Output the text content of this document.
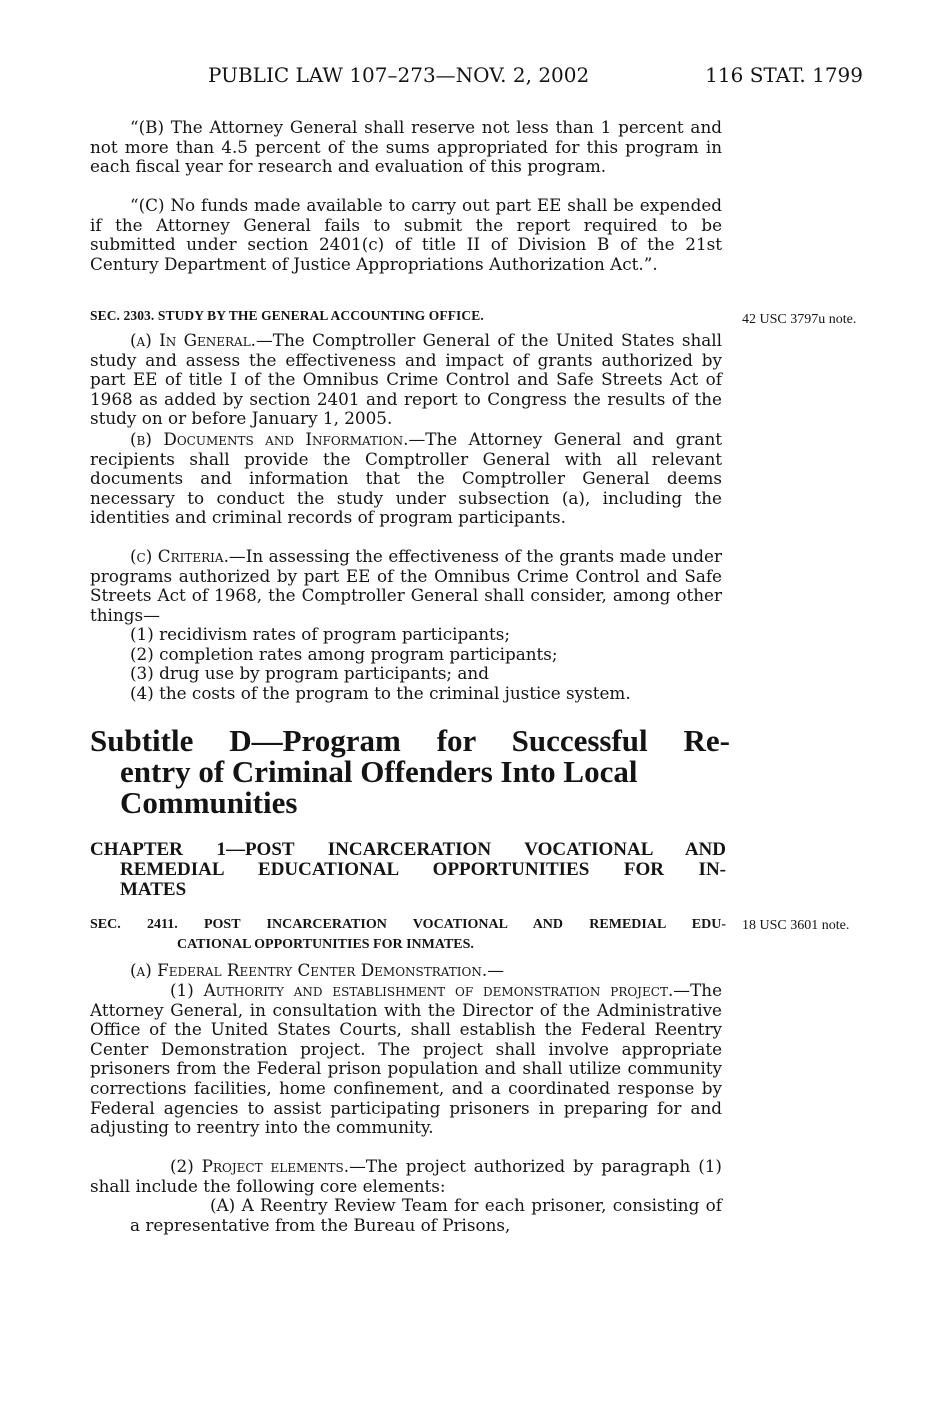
PUBLIC LAW 107–273—NOV. 2, 2002	116 STAT. 1799
“(B) The Attorney General shall reserve not less than 1 percent and not more than 4.5 percent of the sums appropriated for this program in each fiscal year for research and evaluation of this program.
“(C) No funds made available to carry out part EE shall be expended if the Attorney General fails to submit the report required to be submitted under section 2401(c) of title II of Division B of the 21st Century Department of Justice Appropriations Authorization Act.”.
SEC. 2303. STUDY BY THE GENERAL ACCOUNTING OFFICE.	42 USC 3797u note.
(a) In General.—The Comptroller General of the United States shall study and assess the effectiveness and impact of grants authorized by part EE of title I of the Omnibus Crime Control and Safe Streets Act of 1968 as added by section 2401 and report to Congress the results of the study on or before January 1, 2005.
(b) Documents and Information.—The Attorney General and grant recipients shall provide the Comptroller General with all relevant documents and information that the Comptroller General deems necessary to conduct the study under subsection (a), including the identities and criminal records of program participants.
(c) Criteria.—In assessing the effectiveness of the grants made under programs authorized by part EE of the Omnibus Crime Control and Safe Streets Act of 1968, the Comptroller General shall consider, among other things—
(1) recidivism rates of program participants;
(2) completion rates among program participants;
(3) drug use by program participants; and
(4) the costs of the program to the criminal justice system.
Subtitle D—Program for Successful Re-
entry of Criminal Offenders Into Local
Communities
CHAPTER 1—POST INCARCERATION VOCATIONAL AND
REMEDIAL EDUCATIONAL OPPORTUNITIES FOR IN-
MATES
SEC. 2411. POST INCARCERATION VOCATIONAL AND REMEDIAL EDU-
CATIONAL OPPORTUNITIES FOR INMATES.
18 USC 3601 note.
(a) Federal Reentry Center Demonstration.—
(1) Authority and establishment of demonstration project.—The Attorney General, in consultation with the Director of the Administrative Office of the United States Courts, shall establish the Federal Reentry Center Demonstration project. The project shall involve appropriate prisoners from the Federal prison population and shall utilize community corrections facilities, home confinement, and a coordinated response by Federal agencies to assist participating prisoners in preparing for and adjusting to reentry into the community.
(2) Project elements.—The project authorized by paragraph (1) shall include the following core elements:
(A) A Reentry Review Team for each prisoner, consisting of a representative from the Bureau of Prisons,
